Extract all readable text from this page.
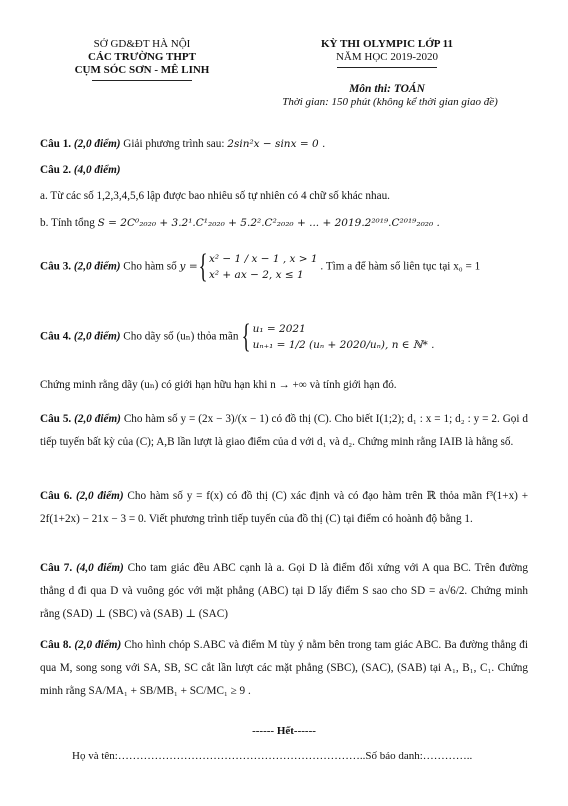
SỞ GD&ĐT HÀ NỘI
CÁC TRƯỜNG THPT
CỤM SÓC SƠN - MÊ LINH
KỲ THI OLYMPIC LỚP 11
NĂM HỌC 2019-2020
Môn thi: TOÁN
Thời gian: 150 phút (không kể thời gian giao đề)
Câu 1. (2,0 điểm) Giải phương trình sau: 2sin²x − sinx = 0 .
Câu 2. (4,0 điểm)
a. Từ các số 1,2,3,4,5,6 lập được bao nhiêu số tự nhiên có 4 chữ số khác nhau.
b. Tính tổng S = 2C⁰₂₀₂₀ + 3.2¹.C¹₂₀₂₀ + 5.2².C²₂₀₂₀ + ... + 2019.2²⁰¹⁹.C²⁰¹⁹₂₀₂₀ .
Câu 3. (2,0 điểm) Cho hàm số y ={ x² − 1 / x − 1 , x > 1
x² + ax − 2, x ≤ 1
. Tìm a để hàm số liên tục tại x₀ = 1
Câu 4. (2,0 điểm) Cho dãy số (uₙ) thỏa mãn { u₁ = 2021
uₙ₊₁ = 1/2 (uₙ + 2020/uₙ), n ∈ ℕ* .
Chứng minh rằng dãy (uₙ) có giới hạn hữu hạn khi n → +∞ và tính giới hạn đó.
Câu 5. (2,0 điểm) Cho hàm số y = (2x − 3)/(x − 1) có đồ thị (C). Cho biết I(1;2); d₁ : x = 1; d₂ : y = 2. Gọi d tiếp tuyến bất kỳ của (C); A,B lần lượt là giao điểm của d với d₁ và d₂. Chứng minh rằng IAIB là hằng số.
Câu 6. (2,0 điểm) Cho hàm số y = f(x) có đồ thị (C) xác định và có đạo hàm trên ℝ thỏa mãn f³(1+x) + 2f(1+2x) − 21x − 3 = 0. Viết phương trình tiếp tuyến của đồ thị (C) tại điểm có hoành độ bằng 1.
Câu 7. (4,0 điểm) Cho tam giác đều ABC cạnh là a. Gọi D là điểm đối xứng với A qua BC. Trên đường thẳng d đi qua D và vuông góc với mặt phẳng (ABC) tại D lấy điểm S sao cho SD = a√6/2. Chứng minh rằng (SAD) ⊥ (SBC) và (SAB) ⊥ (SAC)
Câu 8. (2,0 điểm) Cho hình chóp S.ABC và điểm M tùy ý nằm bên trong tam giác ABC. Ba đường thẳng đi qua M, song song với SA, SB, SC cắt lần lượt các mặt phẳng (SBC), (SAC), (SAB) tại A₁, B₁, C₁. Chứng minh rằng SA/MA₁ + SB/MB₁ + SC/MC₁ ≥ 9 .
------ Hết------
Họ và tên:…………………………………………………………..Số báo danh:…………..
